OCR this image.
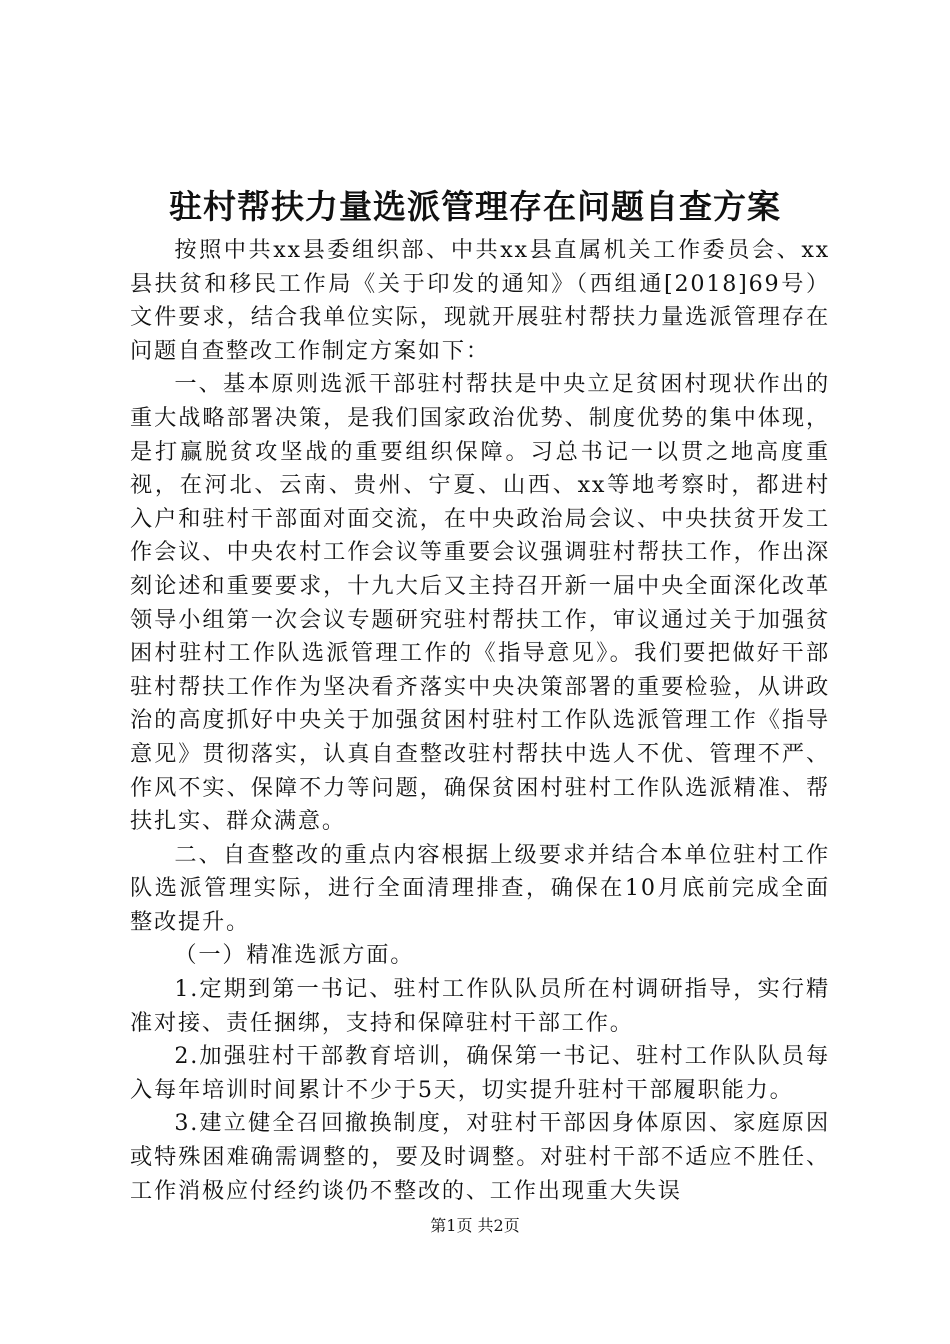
驻村帮扶力量选派管理存在问题自查方案

按照中共xx县委组织部、中共xx县直属机关工作委员会、xx县扶贫和移民工作局《关于印发的通知》（西组通[2018]69号）文件要求，结合我单位实际，现就开展驻村帮扶力量选派管理存在问题自查整改工作制定方案如下：

一、基本原则选派干部驻村帮扶是中央立足贫困村现状作出的重大战略部署决策，是我们国家政治优势、制度优势的集中体现，是打赢脱贫攻坚战的重要组织保障。习总书记一以贯之地高度重视，在河北、云南、贵州、宁夏、山西、xx等地考察时，都进村入户和驻村干部面对面交流，在中央政治局会议、中央扶贫开发工作会议、中央农村工作会议等重要会议强调驻村帮扶工作，作出深刻论述和重要要求，十九大后又主持召开新一届中央全面深化改革领导小组第一次会议专题研究驻村帮扶工作，审议通过关于加强贫困村驻村工作队选派管理工作的《指导意见》。我们要把做好干部驻村帮扶工作作为坚决看齐落实中央决策部署的重要检验，从讲政治的高度抓好中央关于加强贫困村驻村工作队选派管理工作《指导意见》贯彻落实，认真自查整改驻村帮扶中选人不优、管理不严、作风不实、保障不力等问题，确保贫困村驻村工作队选派精准、帮扶扎实、群众满意。

二、自查整改的重点内容根据上级要求并结合本单位驻村工作队选派管理实际，进行全面清理排查，确保在10月底前完成全面整改提升。

（一）精准选派方面。

1.定期到第一书记、驻村工作队队员所在村调研指导，实行精准对接、责任捆绑，支持和保障驻村干部工作。

2.加强驻村干部教育培训，确保第一书记、驻村工作队队员每入每年培训时间累计不少于5天，切实提升驻村干部履职能力。

3.建立健全召回撤换制度，对驻村干部因身体原因、家庭原因或特殊困难确需调整的，要及时调整。对驻村干部不适应不胜任、工作消极应付经约谈仍不整改的、工作出现重大失误

第1页 共2页
